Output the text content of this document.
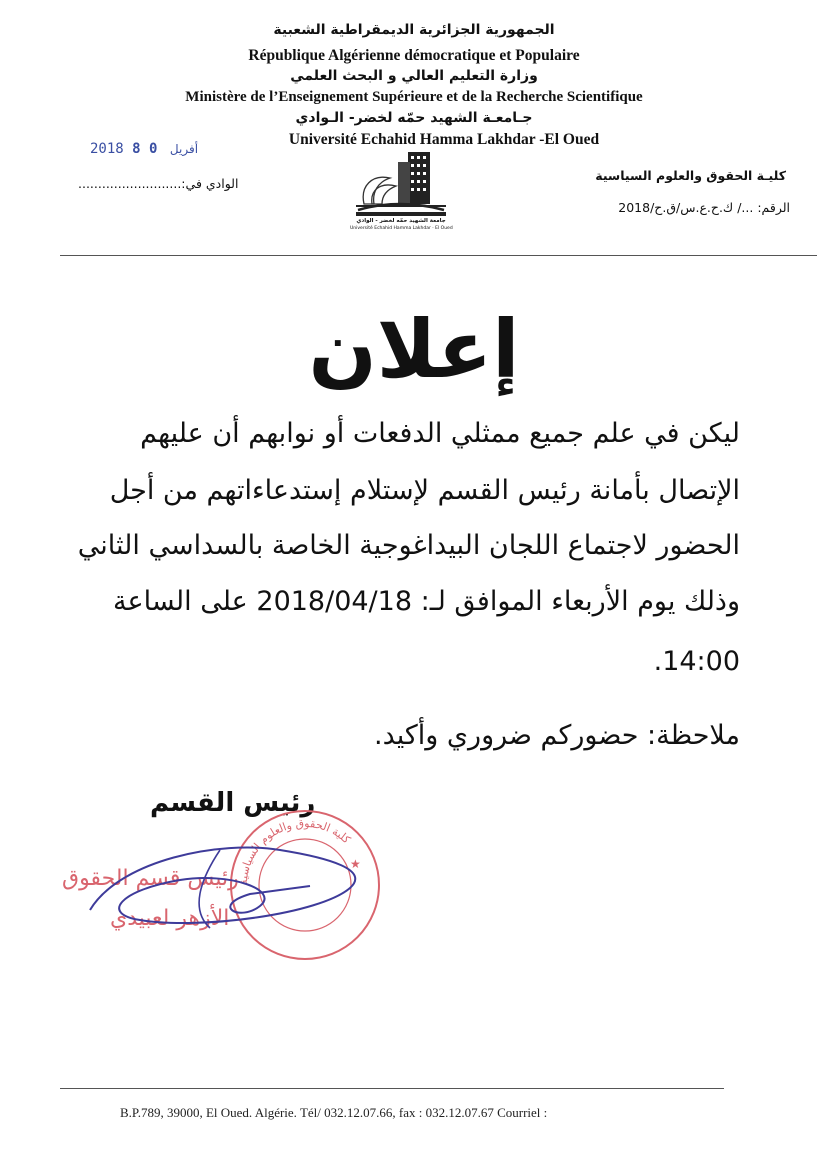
الجمهورية الجزائرية الديمقراطية الشعبية
République Algérienne démocratique et Populaire
وزارة التعليم العالي و البحث العلمي
Ministère de l’Enseignement Supérieure et de la Recherche Scientifique
جـامعـة الشهيد حمّه لخضر- الـوادي
Université Echahid Hamma Lakhdar -El Oued
2018	أفريل 0 8
الوادي في:..........................
كليـة الحقوق والعلوم السياسية
الرقم: .../ ك.ح.ع.س/ق.ح/2018
جامعة الشهيد حمّه لخضر - الوادي
Université Echahid Hamma Lakhdar · El Oued
إعلان
ليكن في علم جميع ممثلي الدفعات أو نوابهم أن عليهم
الإتصال بأمانة رئيس القسم لإستلام إستدعاءاتهم من أجل
الحضور لاجتماع اللجان البيداغوجية الخاصة بالسداسي الثاني
وذلك يوم الأربعاء الموافق لـ: 2018/04/18 على الساعة
14:00.
ملاحظة: حضوركم ضروري وأكيد.
رئيس القسم
رئيس قسم الحقوق
الأزهر لعبيدي
كلية الحقوق والعلوم السياسية
★
B.P.789, 39000, El Oued. Algérie. Tél/ 032.12.07.66, fax : 032.12.07.67 Courriel :
